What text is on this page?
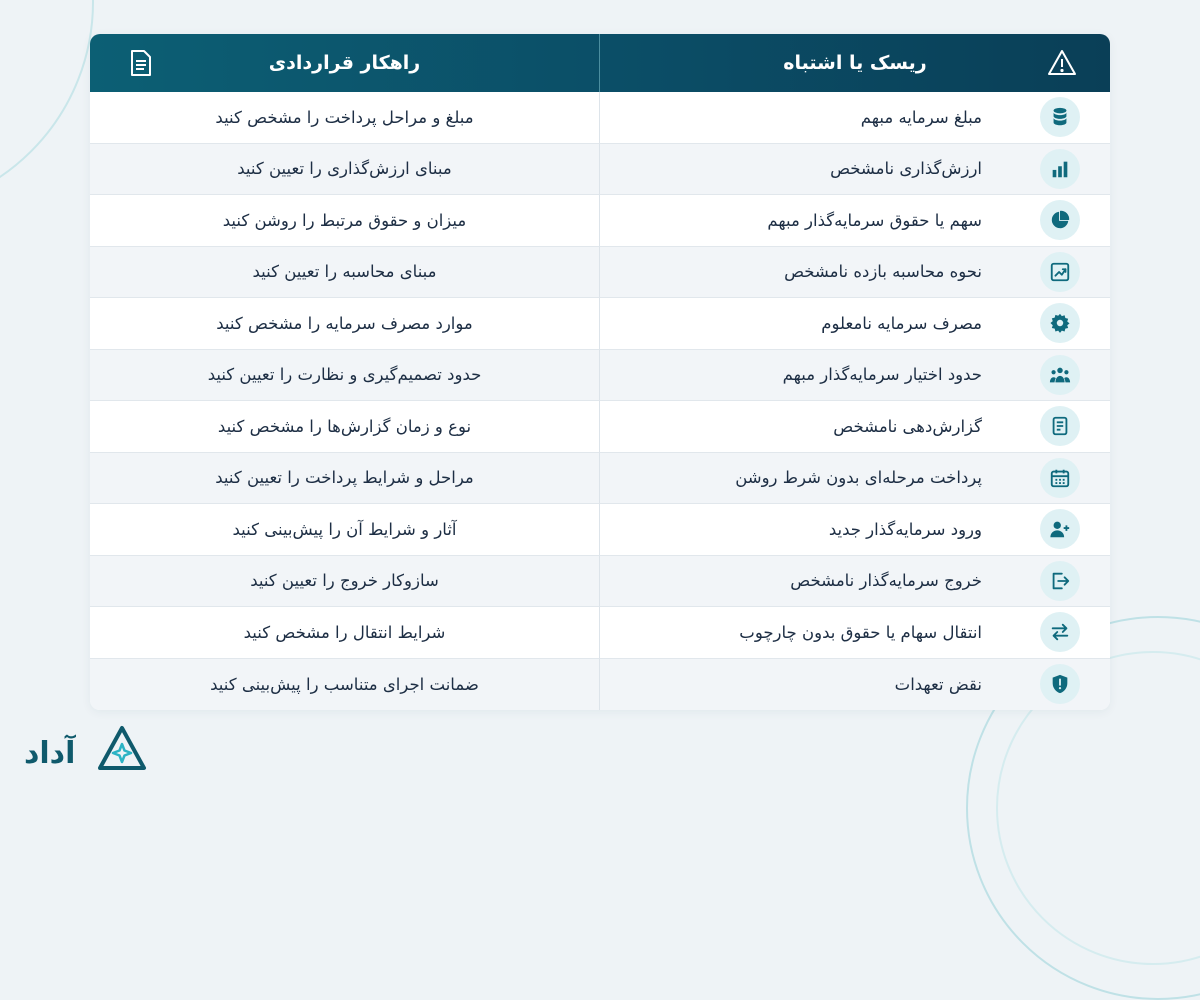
راهکار قراردادی	ریسک یا اشتباه
مبلغ و مراحل پرداخت را مشخص کنید	مبلغ سرمایه مبهم
مبنای ارزش‌گذاری را تعیین کنید	ارزش‌گذاری نامشخص
میزان و حقوق مرتبط را روشن کنید	سهم یا حقوق سرمایه‌گذار مبهم
مبنای محاسبه را تعیین کنید	نحوه محاسبه بازده نامشخص
موارد مصرف سرمایه را مشخص کنید	مصرف سرمایه نامعلوم
حدود تصمیم‌گیری و نظارت را تعیین کنید	حدود اختیار سرمایه‌گذار مبهم
نوع و زمان گزارش‌ها را مشخص کنید	گزارش‌دهی نامشخص
مراحل و شرایط پرداخت را تعیین کنید	پرداخت مرحله‌ای بدون شرط روشن
آثار و شرایط آن را پیش‌بینی کنید	ورود سرمایه‌گذار جدید
سازوکار خروج را تعیین کنید	خروج سرمایه‌گذار نامشخص
شرایط انتقال را مشخص کنید	انتقال سهام یا حقوق بدون چارچوب
ضمانت اجرای متناسب را پیش‌بینی کنید	نقض تعهدات
آداد
